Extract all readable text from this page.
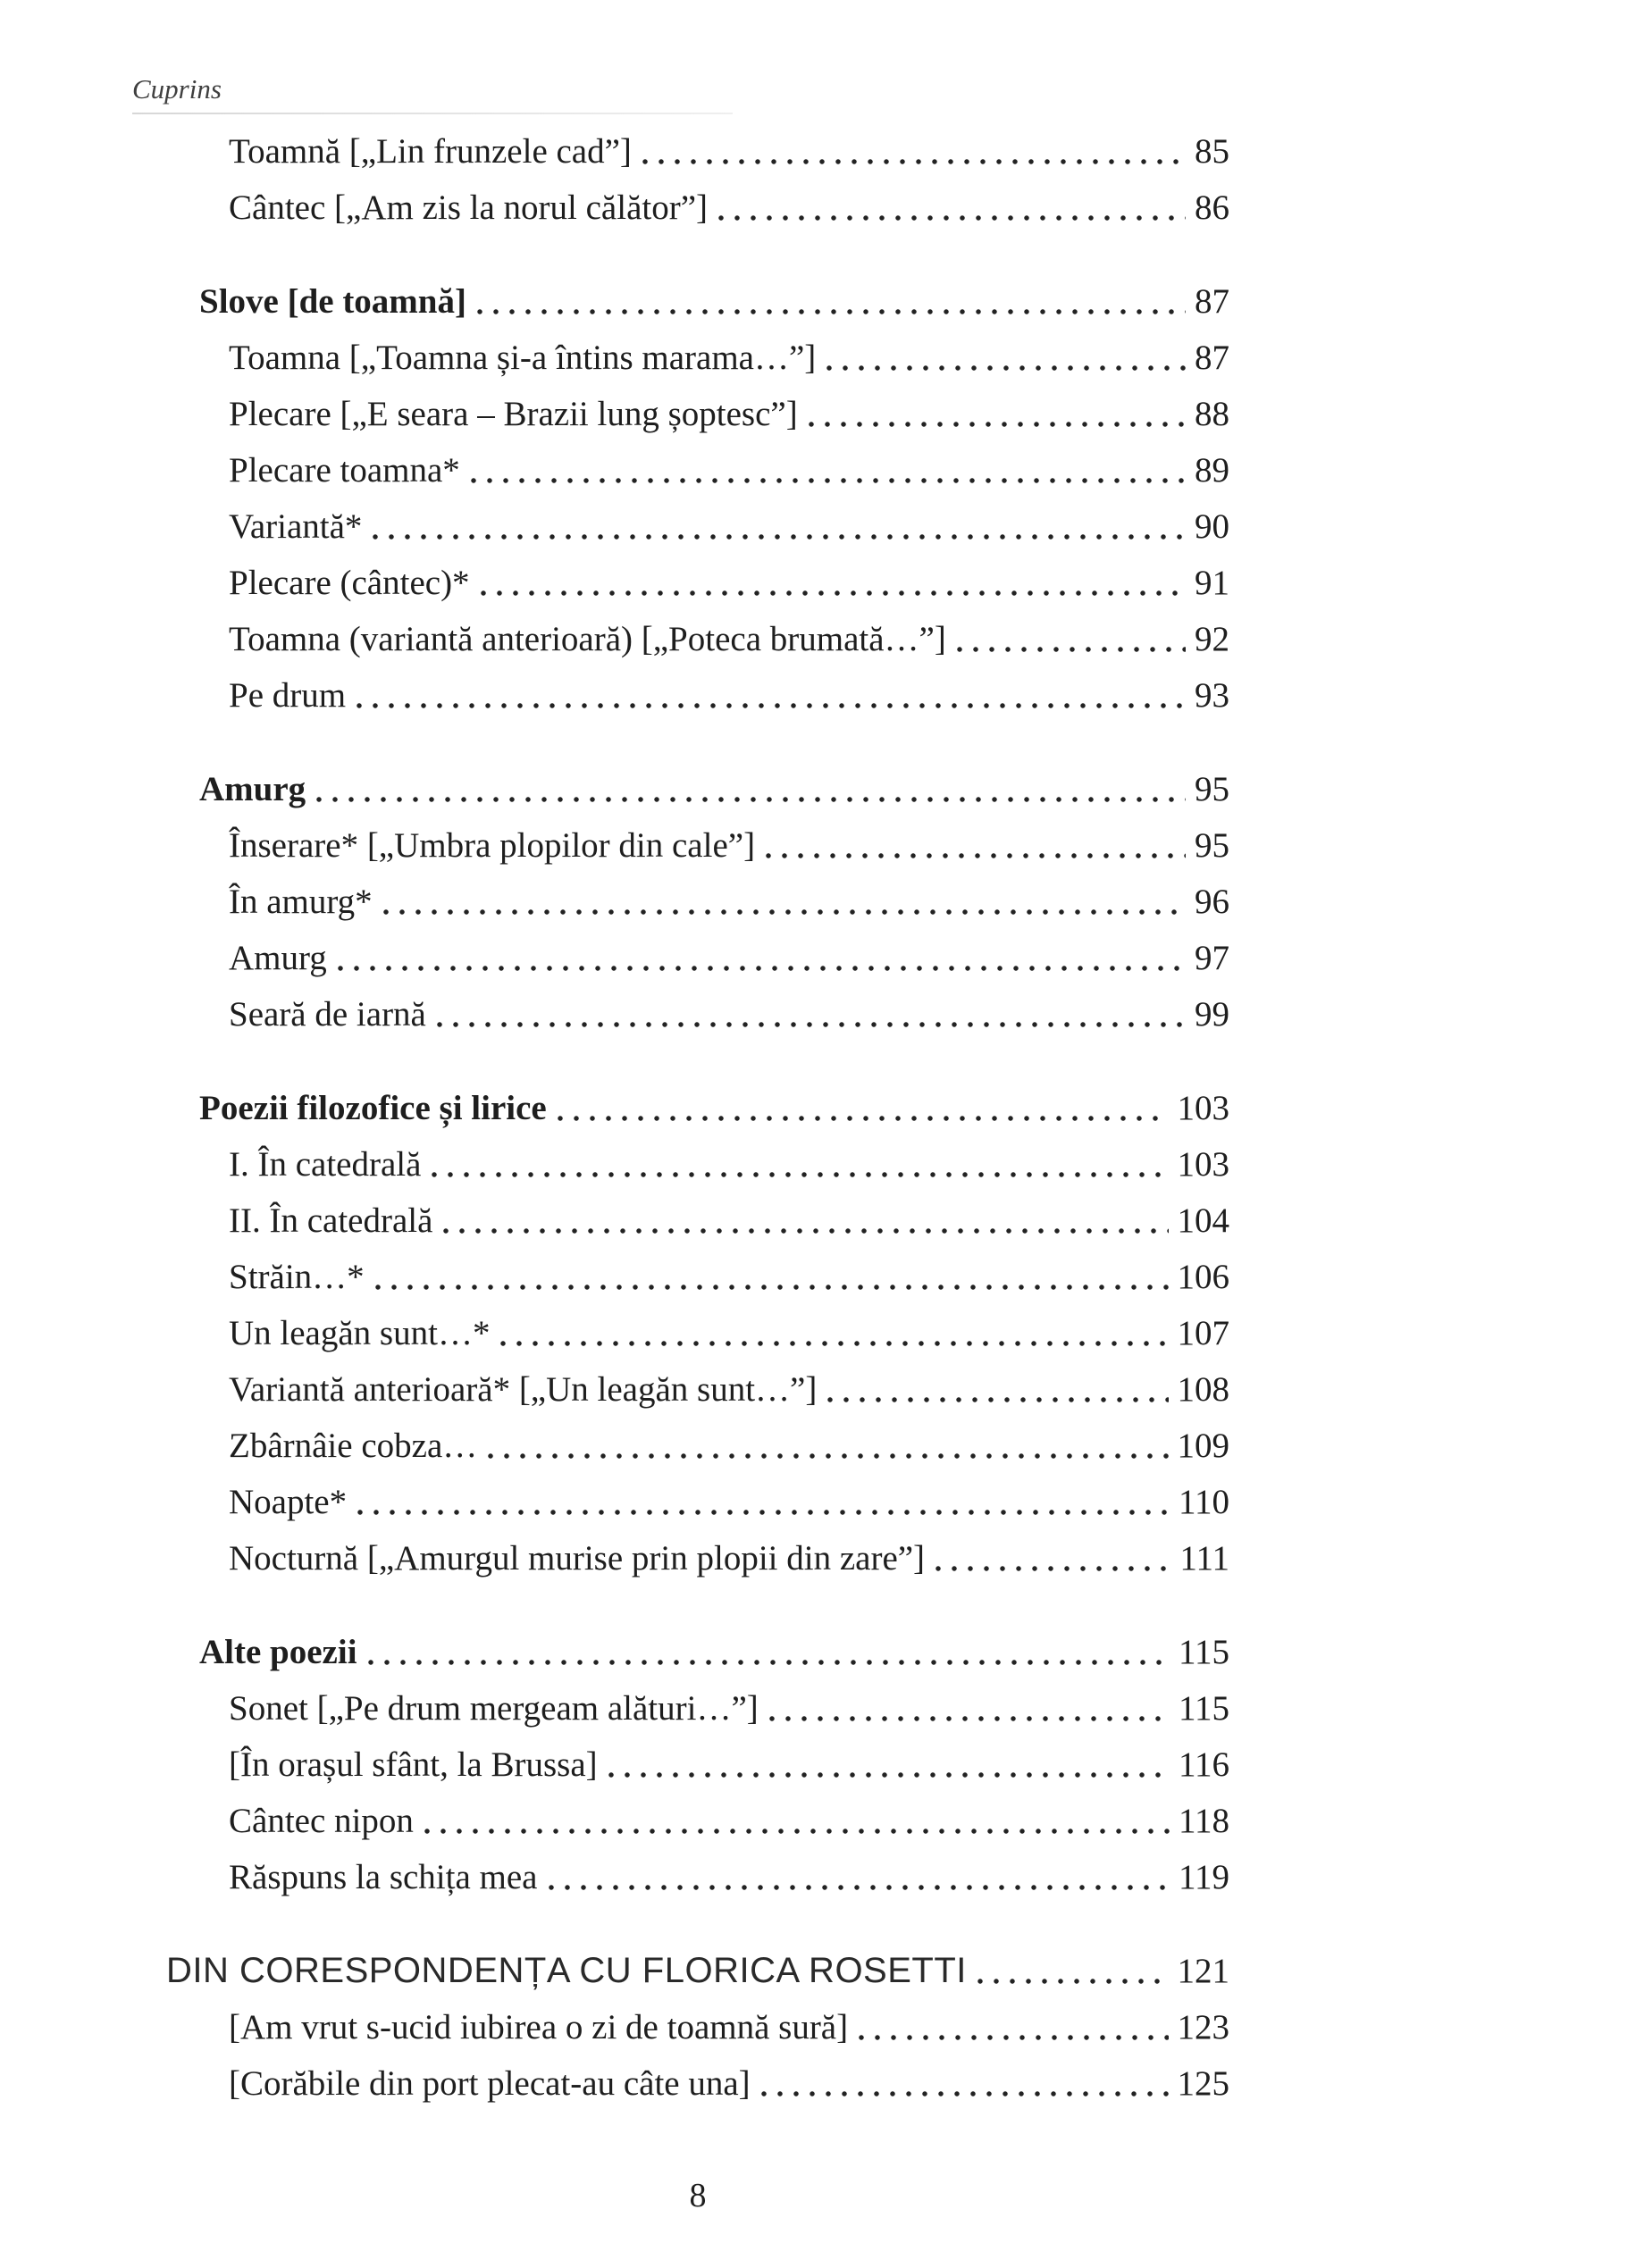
Cuprins
Toamnă [„Lin frunzele cad”]	85
Cântec [„Am zis la norul călător”]	86
Slove [de toamnă]	87
Toamna [„Toamna și-a întins marama…”]	87
Plecare [„E seara – Brazii lung șoptesc”]	88
Plecare toamna*	89
Variantă*	90
Plecare (cântec)*	91
Toamna (variantă anterioară) [„Poteca brumată…”]	92
Pe drum	93
Amurg	95
Înserare* [„Umbra plopilor din cale”]	95
În amurg*	96
Amurg	97
Seară de iarnă	99
Poezii filozofice și lirice	103
I. În catedrală	103
II. În catedrală	104
Străin…*	106
Un leagăn sunt…*	107
Variantă anterioară* [„Un leagăn sunt…”]	108
Zbârnâie cobza…	109
Noapte*	110
Nocturnă [„Amurgul murise prin plopii din zare”]	111
Alte poezii	115
Sonet [„Pe drum mergeam alături…”]	115
[În orașul sfânt, la Brussa]	116
Cântec nipon	118
Răspuns la schița mea	119
DIN CORESPONDENȚA CU FLORICA ROSETTI	121
[Am vrut s-ucid iubirea o zi de toamnă sură]	123
[Corăbile din port plecat-au câte una]	125
8
